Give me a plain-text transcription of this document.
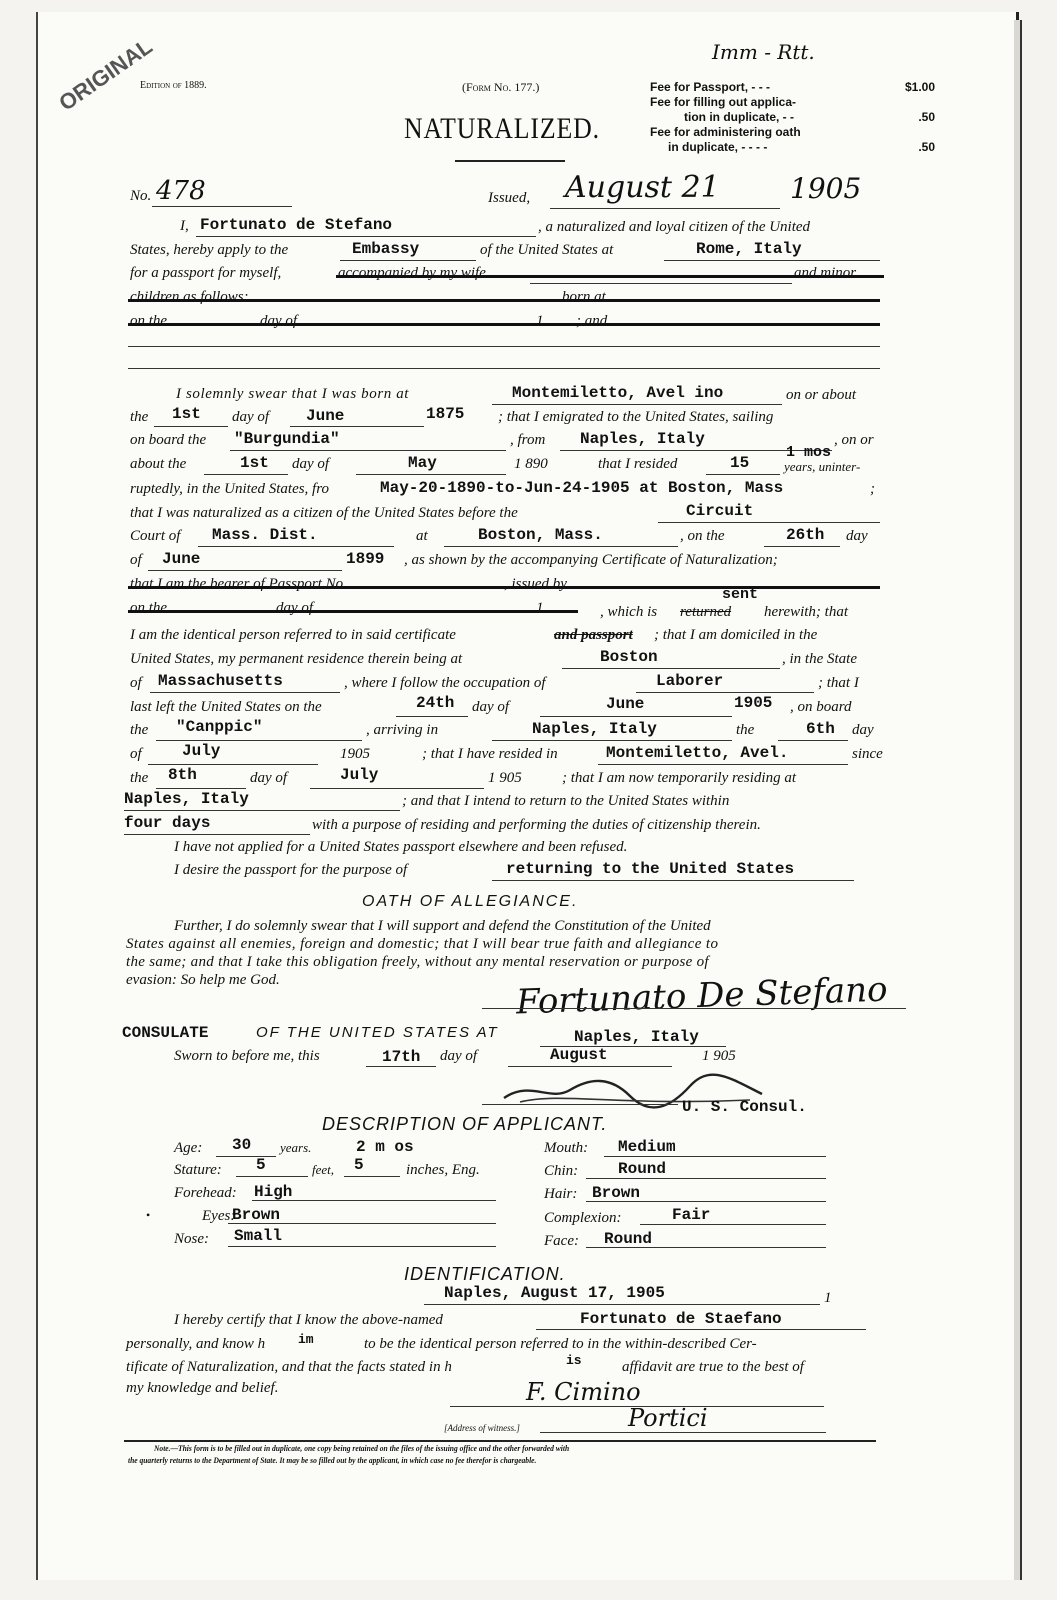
ORIGINAL
Edition of 1889.	(Form No. 177.)
NATURALIZED.
Imm - Rtt.
Fee for Passport, - - -	$1.00
Fee for filling out applica-
tion in duplicate, - -	.50
Fee for administering oath
in duplicate, - - - -	.50
No. 478	Issued, August 21	1905
I, Fortunato de Stefano	, a naturalized and loyal citizen of the United
States, hereby apply to the	Embassy	of the United States at	Rome, Italy
for a passport for myself,	accompanied by my wife	and minor
children as follows:	born at
on the	day of	1 ; and
I solemnly swear that I was born at	Montemiletto, Avel ino	on or about
the 1st day of June	1875 ; that I emigrated to the United States, sailing
on board the "Burgundia"	, from Naples, Italy	, on or
about the	1st day of	May	1 890	that I resided	15
1 mos
years, uninter-
ruptedly, in the United States, fro	May-20-1890-to-Jun-24-1905 at Boston, Mass	;
that I was naturalized as a citizen of the United States before the	Circuit
Court of Mass. Dist.	at	Boston, Mass.	, on the	26th day
of June	1899 , as shown by the accompanying Certificate of Naturalization;
that I am the bearer of Passport No.	, issued by
on the	day of	1
sent
, which is returned herewith; that
I am the identical person referred to in said certificate	and passport ; that I am domiciled in the
United States, my permanent residence therein being at	Boston	, in the State
of Massachusetts	, where I follow the occupation of	Laborer	; that I
last left the United States on the	24th day of	June	1905 , on board
the "Canppic"	, arriving in	Naples, Italy	the	6th day
of	July	1905	; that I have resided in	Montemiletto, Avel.	since
the 8th	day of	July	1 905	; that I am now temporarily residing at
Naples, Italy	; and that I intend to return to the United States within
four days	with a purpose of residing and performing the duties of citizenship therein.
I have not applied for a United States passport elsewhere and been refused.
I desire the passport for the purpose of	returning to the United States
OATH OF ALLEGIANCE.
Further, I do solemnly swear that I will support and defend the Constitution of the United
States against all enemies, foreign and domestic; that I will bear true faith and allegiance to
the same; and that I take this obligation freely, without any mental reservation or purpose of
evasion: So help me God.	Fortunato De Stefano
CONSULATE	OF THE UNITED STATES AT	Naples, Italy
Sworn to before me, this	17th day of	August	1 905
U. S. Consul.
DESCRIPTION OF APPLICANT.
Age: 30 years.	2 m os
Stature: 5	feet, 5	inches, Eng.
Forehead: High
•	Eyes:
Brown
Nose: Small
Mouth: Medium
Chin: Round
Hair: Brown
Complexion:	Fair
Face: Round
IDENTIFICATION.
Naples, August 17, 1905	1
I hereby certify that I know the above-named	Fortunato de Staefano
personally, and know h	im	to be the identical person referred to in the within-described Cer-
tificate of Naturalization, and that the facts stated in h	is	affidavit are true to the best of
my knowledge and belief.	F. Cimino
[Address of witness.]	Portici
Note.—This form is to be filled out in duplicate, one copy being retained on the files of the issuing office and the other forwarded with
the quarterly returns to the Department of State. It may be so filled out by the applicant, in which case no fee therefor is chargeable.
